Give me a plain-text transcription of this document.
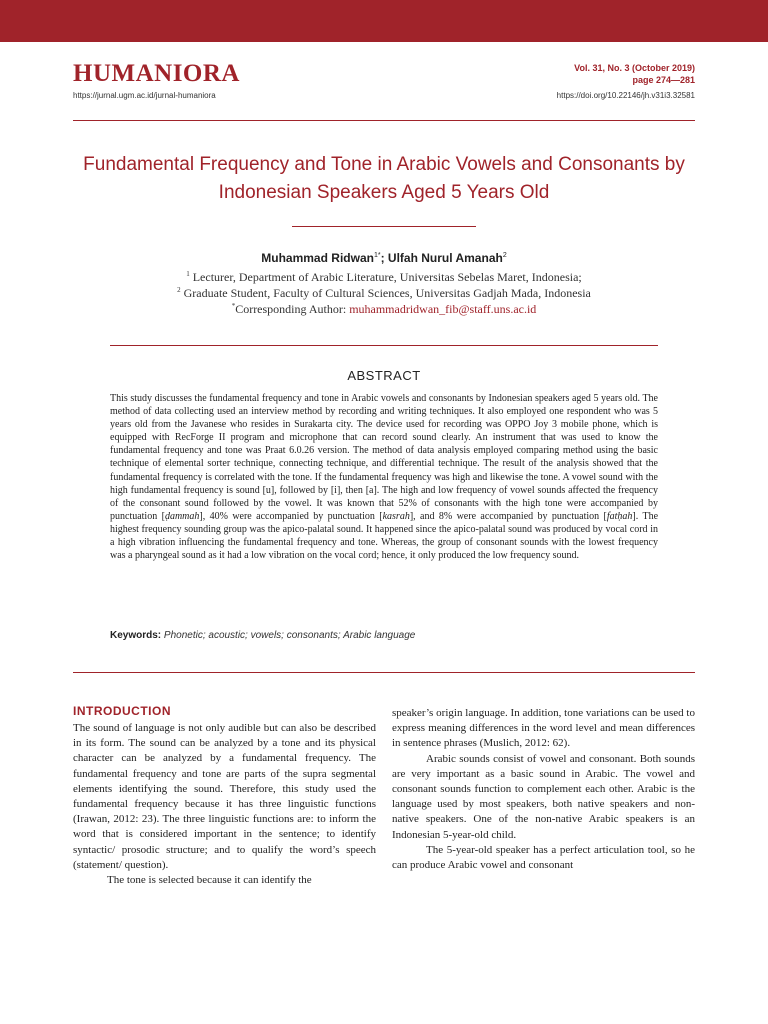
HUMANIORA
https://jurnal.ugm.ac.id/jurnal-humaniora
Vol. 31, No. 3 (October 2019)
page 274—281
https://doi.org/10.22146/jh.v31i3.32581
Fundamental Frequency and Tone in Arabic Vowels and Consonants by Indonesian Speakers Aged 5 Years Old
Muhammad Ridwan$^{1*}$; Ulfah Nurul Amanah$^2$
$^1$ Lecturer, Department of Arabic Literature, Universitas Sebelas Maret, Indonesia;
$^2$ Graduate Student, Faculty of Cultural Sciences, Universitas Gadjah Mada, Indonesia
*Corresponding Author: muhammadridwan_fib@staff.uns.ac.id
ABSTRACT

This study discusses the fundamental frequency and tone in Arabic vowels and consonants by Indonesian speakers aged 5 years old. The method of data collecting used an interview method by recording and writing techniques. It also employed one respondent who was 5 years old from the Javanese who resides in Surakarta city. The device used for recording was OPPO Joy 3 mobile phone, which is equipped with RecForge II program and microphone that can record sound clearly. An instrument that was used to know the fundamental frequency and tone was Praat 6.0.26 version. The method of data analysis employed comparing method using the basic technique of elemental sorter technique, connecting technique, and differential technique. The result of the analysis showed that the fundamental frequency is correlated with the tone. If the fundamental frequency was high and likewise the tone. A vowel sound with the high fundamental frequency is sound [u], followed by [i], then [a]. The high and low frequency of vowel sounds affected the frequency of the consonant sound followed by the vowel. It was known that 52% of consonants with the high tone were accompanied by punctuation [ḍammah], 40% were accompanied by punctuation [kasrah], and 8% were accompanied by punctuation [fatḥah]. The highest frequency sounding group was the apico-palatal sound. It happened since the apico-palatal sound was produced by vocal cord in a high vibration influencing the fundamental frequency and tone. Whereas, the group of consonant sounds with the lowest frequency was a pharyngeal sound as it had a low vibration on the vocal cord; hence, it only produced the low frequency sound.

Keywords: Phonetic; acoustic; vowels; consonants; Arabic language
INTRODUCTION

The sound of language is not only audible but can also be described in its form. The sound can be analyzed by a tone and its physical character can be analyzed by a fundamental frequency. The fundamental frequency and tone are parts of the supra segmental elements identifying the sound. Therefore, this study used the fundamental frequency because it has three linguistic functions (Irawan, 2012: 23). The three linguistic functions are: to inform the word that is considered important in the sentence; to identify syntactic/ prosodic structure; and to qualify the word’s speech (statement/ question).

The tone is selected because it can identify the

speaker’s origin language. In addition, tone variations can be used to express meaning differences in the word level and mean differences in sentence phrases (Muslich, 2012: 62).

Arabic sounds consist of vowel and consonant. Both sounds are very important as a basic sound in Arabic. The vowel and consonant sounds function to complement each other. Arabic is the language used by most speakers, both native speakers and non-native speakers. One of the non-native Arabic speakers is an Indonesian 5-year-old child.

The 5-year-old speaker has a perfect articulation tool, so he can produce Arabic vowel and consonant
